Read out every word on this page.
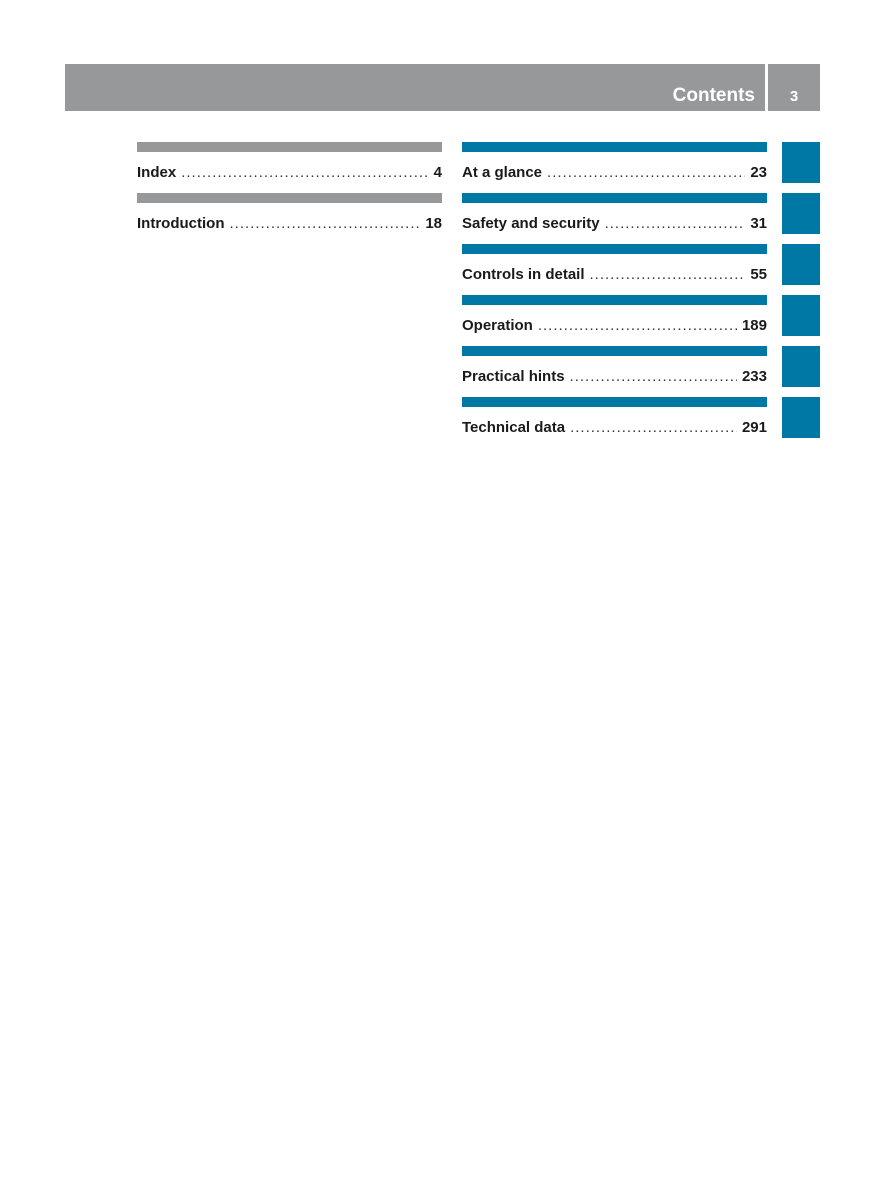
Contents	3
Index .....	4
Introduction .....	18
At a glance .....	23
Safety and security .....	31
Controls in detail .....	55
Operation .....	189
Practical hints .....	233
Technical data .....	291
